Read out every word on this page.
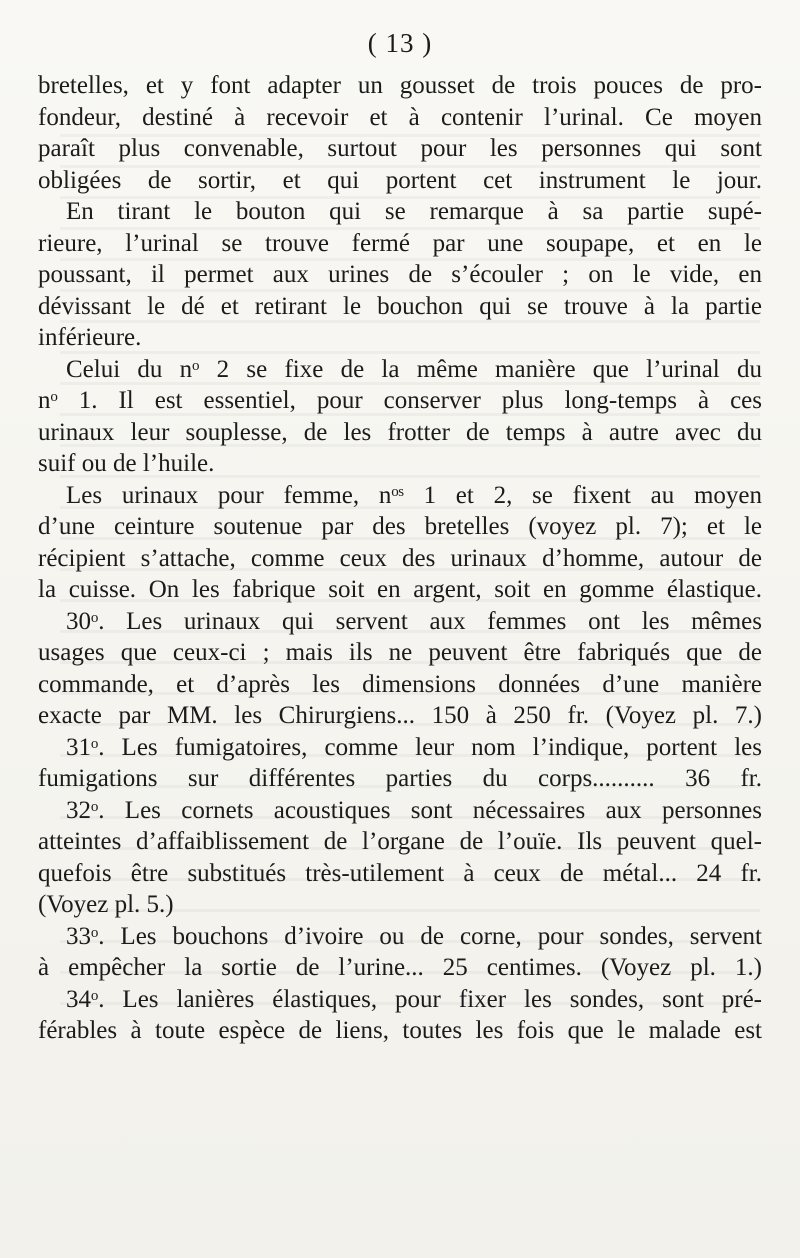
( 13 )
bretelles, et y font adapter un gousset de trois pouces de pro-
fondeur, destiné à recevoir et à contenir l’urinal. Ce moyen
paraît plus convenable, surtout pour les personnes qui sont
obligées de sortir, et qui portent cet instrument le jour.
En tirant le bouton qui se remarque à sa partie supé-
rieure, l’urinal se trouve fermé par une soupape, et en le
poussant, il permet aux urines de s’écouler ; on le vide, en
dévissant le dé et retirant le bouchon qui se trouve à la partie
inférieure.
Celui du nᵒ 2 se fixe de la même manière que l’urinal du
nᵒ 1. Il est essentiel, pour conserver plus long-temps à ces
urinaux leur souplesse, de les frotter de temps à autre avec du
suif ou de l’huile.
Les urinaux pour femme, nᵒˢ 1 et 2, se fixent au moyen
d’une ceinture soutenue par des bretelles (voyez pl. 7); et le
récipient s’attache, comme ceux des urinaux d’homme, autour de
la cuisse. On les fabrique soit en argent, soit en gomme élastique.
30ᵒ. Les urinaux qui servent aux femmes ont les mêmes
usages que ceux-ci ; mais ils ne peuvent être fabriqués que de
commande, et d’après les dimensions données d’une manière
exacte par MM. les Chirurgiens... 150 à 250 fr. (Voyez pl. 7.)
31ᵒ. Les fumigatoires, comme leur nom l’indique, portent les
fumigations sur différentes parties du corps.......... 36 fr.
32ᵒ. Les cornets acoustiques sont nécessaires aux personnes
atteintes d’affaiblissement de l’organe de l’ouïe. Ils peuvent quel-
quefois être substitués très-utilement à ceux de métal... 24 fr.
(Voyez pl. 5.)
33ᵒ. Les bouchons d’ivoire ou de corne, pour sondes, servent
à empêcher la sortie de l’urine... 25 centimes. (Voyez pl. 1.)
34ᵒ. Les lanières élastiques, pour fixer les sondes, sont pré-
férables à toute espèce de liens, toutes les fois que le malade est
